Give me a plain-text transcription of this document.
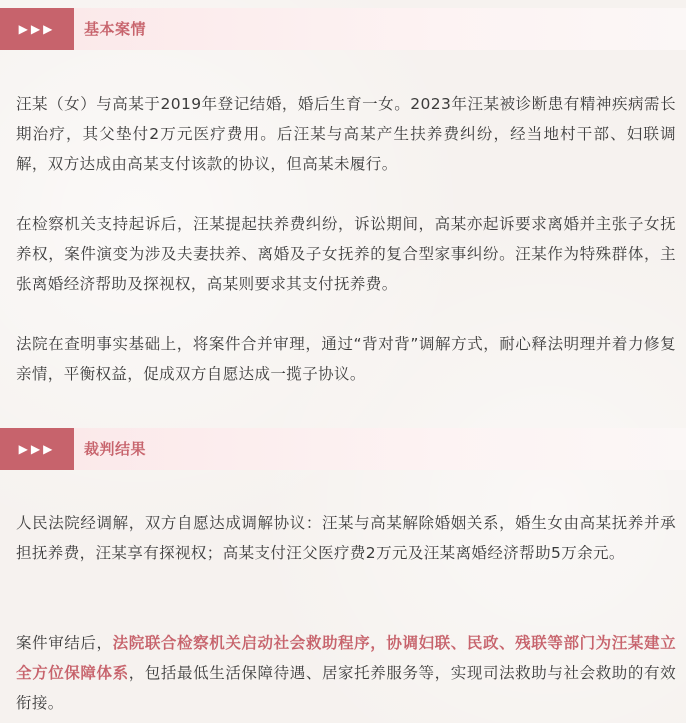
▶▶▶ 基本案情

汪某（女）与高某于2019年登记结婚，婚后生育一女。2023年汪某被诊断患有精神疾病需长期治疗，其父垫付2万元医疗费用。后汪某与高某产生扶养费纠纷，经当地村干部、妇联调解，双方达成由高某支付该款的协议，但高某未履行。

在检察机关支持起诉后，汪某提起扶养费纠纷，诉讼期间，高某亦起诉要求离婚并主张子女抚养权，案件演变为涉及夫妻扶养、离婚及子女抚养的复合型家事纠纷。汪某作为特殊群体，主张离婚经济帮助及探视权，高某则要求其支付抚养费。

法院在查明事实基础上，将案件合并审理，通过“背对背”调解方式，耐心释法明理并着力修复亲情，平衡权益，促成双方自愿达成一揽子协议。

▶▶▶ 裁判结果

人民法院经调解，双方自愿达成调解协议：汪某与高某解除婚姻关系，婚生女由高某抚养并承担抚养费，汪某享有探视权；高某支付汪父医疗费2万元及汪某离婚经济帮助5万余元。

案件审结后，法院联合检察机关启动社会救助程序，协调妇联、民政、残联等部门为汪某建立全方位保障体系，包括最低生活保障待遇、居家托养服务等，实现司法救助与社会救助的有效衔接。
